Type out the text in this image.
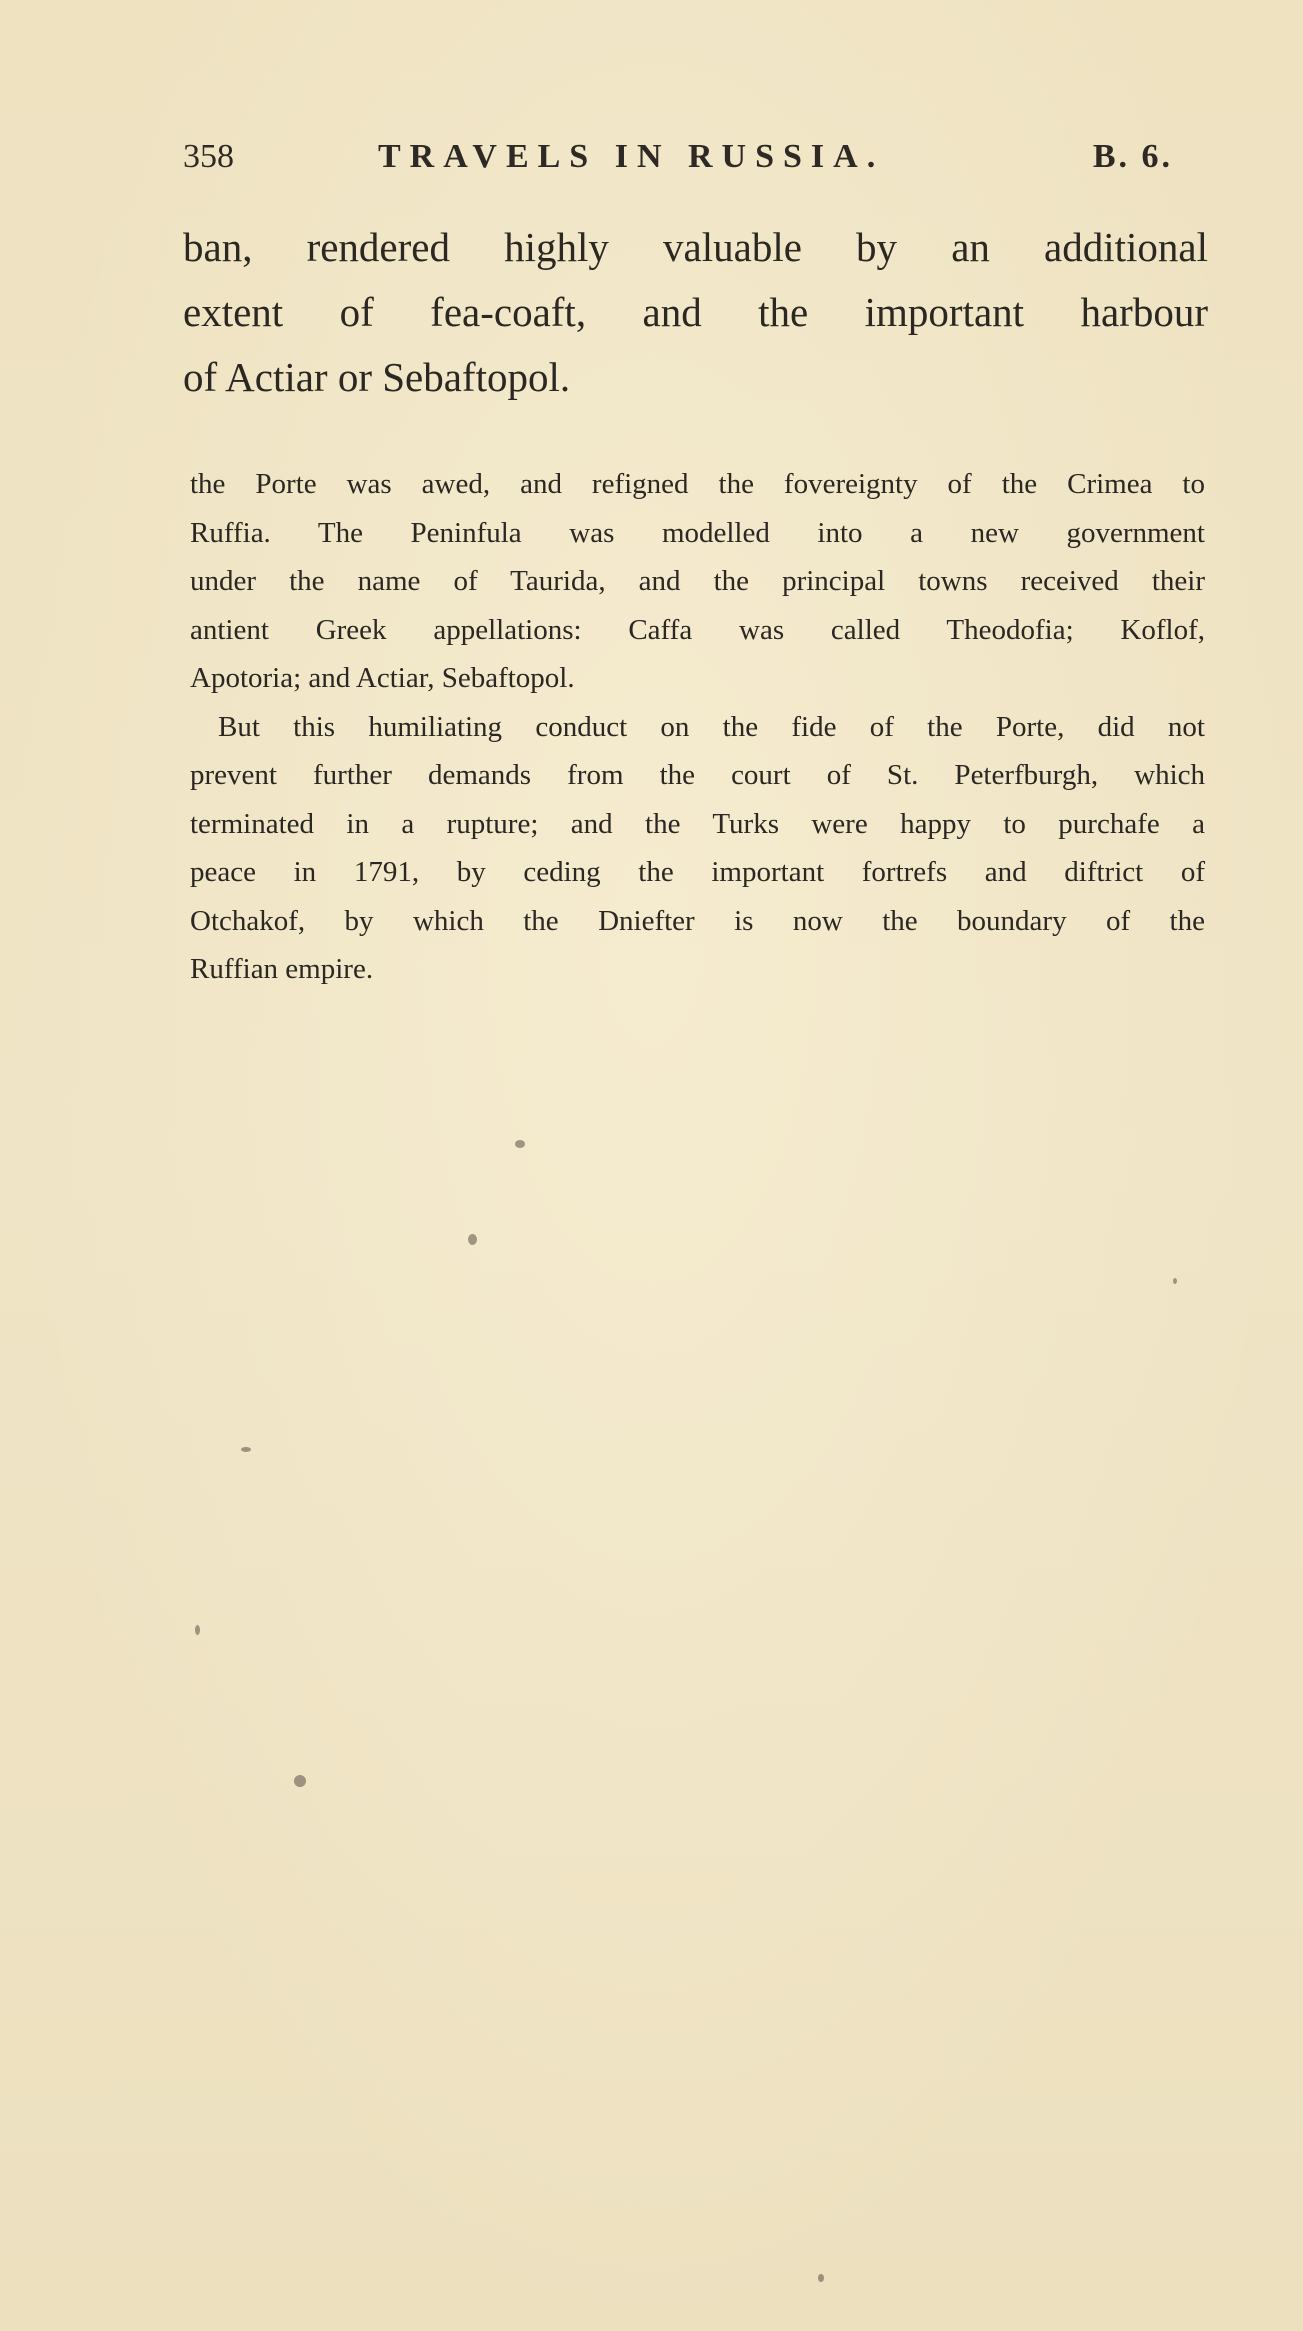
358	TRAVELS IN RUSSIA.	B. 6.
ban, rendered highly valuable by an additional
extent of fea-coaft, and the important harbour
of Actiar or Sebaftopol.
the Porte was awed, and refigned the fovereignty of the Crimea to
Ruffia. The Peninfula was modelled into a new government
under the name of Taurida, and the principal towns received their
antient Greek appellations: Caffa was called Theodofia; Koflof,
Apotoria; and Actiar, Sebaftopol.
But this humiliating conduct on the fide of the Porte, did not
prevent further demands from the court of St. Peterfburgh, which
terminated in a rupture; and the Turks were happy to purchafe a
peace in 1791, by ceding the important fortrefs and diftrict of
Otchakof, by which the Dniefter is now the boundary of the
Ruffian empire.
